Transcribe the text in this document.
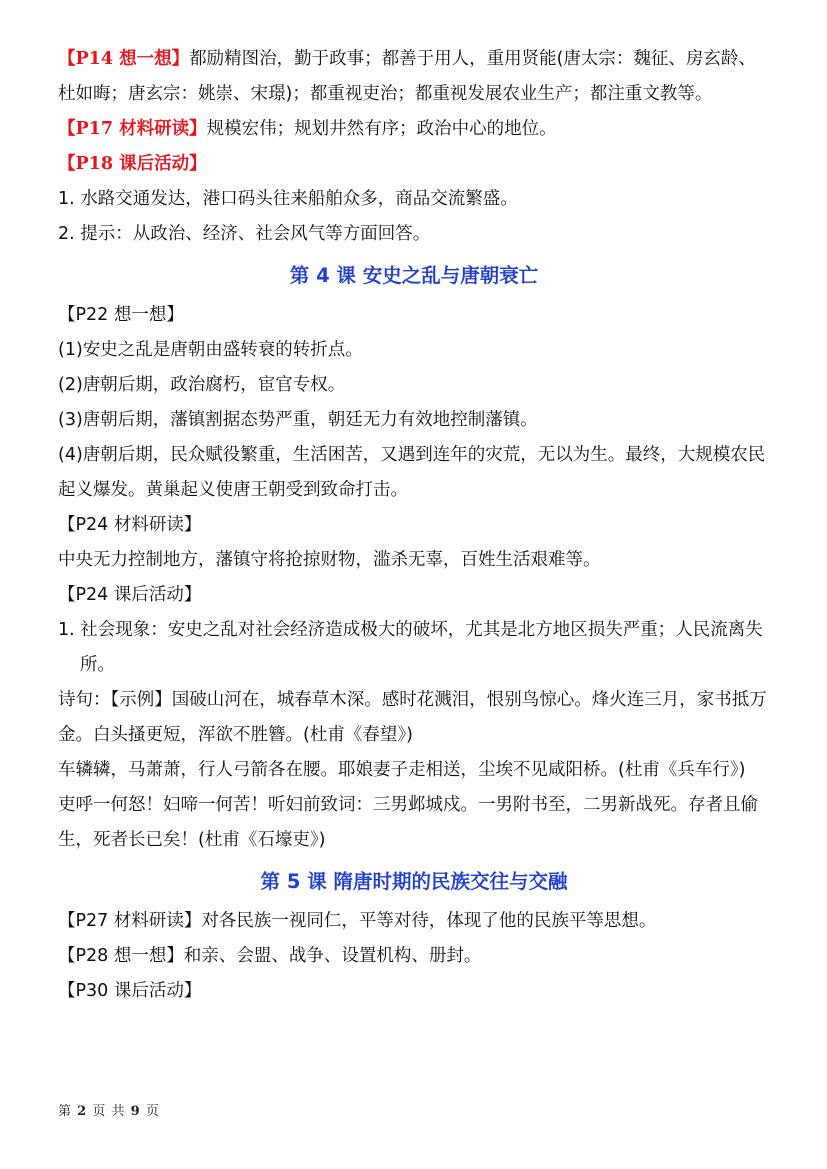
【P14 想一想】都励精图治，勤于政事；都善于用人，重用贤能(唐太宗：魏征、房玄龄、杜如晦；唐玄宗：姚崇、宋璟)；都重视吏治；都重视发展农业生产；都注重文教等。

【P17 材料研读】规模宏伟；规划井然有序；政治中心的地位。

【P18 课后活动】

1. 水路交通发达，港口码头往来船舶众多，商品交流繁盛。

2. 提示：从政治、经济、社会风气等方面回答。

第 4 课 安史之乱与唐朝衰亡

【P22 想一想】

(1)安史之乱是唐朝由盛转衰的转折点。

(2)唐朝后期，政治腐朽，宦官专权。

(3)唐朝后期，藩镇割据态势严重，朝廷无力有效地控制藩镇。

(4)唐朝后期，民众赋役繁重，生活困苦，又遇到连年的灾荒，无以为生。最终，大规模农民起义爆发。黄巢起义使唐王朝受到致命打击。

【P24 材料研读】

中央无力控制地方，藩镇守将抢掠财物，滥杀无辜，百姓生活艰难等。

【P24 课后活动】

1. 社会现象：安史之乱对社会经济造成极大的破坏，尤其是北方地区损失严重；人民流离失所。

诗句：【示例】国破山河在，城春草木深。感时花溅泪，恨别鸟惊心。烽火连三月，家书抵万金。白头搔更短，浑欲不胜簪。(杜甫《春望》)

车辚辚，马萧萧，行人弓箭各在腰。耶娘妻子走相送，尘埃不见咸阳桥。(杜甫《兵车行》)

吏呼一何怒！妇啼一何苦！听妇前致词：三男邺城戍。一男附书至，二男新战死。存者且偷生，死者长已矣！(杜甫《石壕吏》)

第 5 课 隋唐时期的民族交往与交融

【P27 材料研读】对各民族一视同仁，平等对待，体现了他的民族平等思想。

【P28 想一想】和亲、会盟、战争、设置机构、册封。

【P30 课后活动】

第 2 页 共 9 页
